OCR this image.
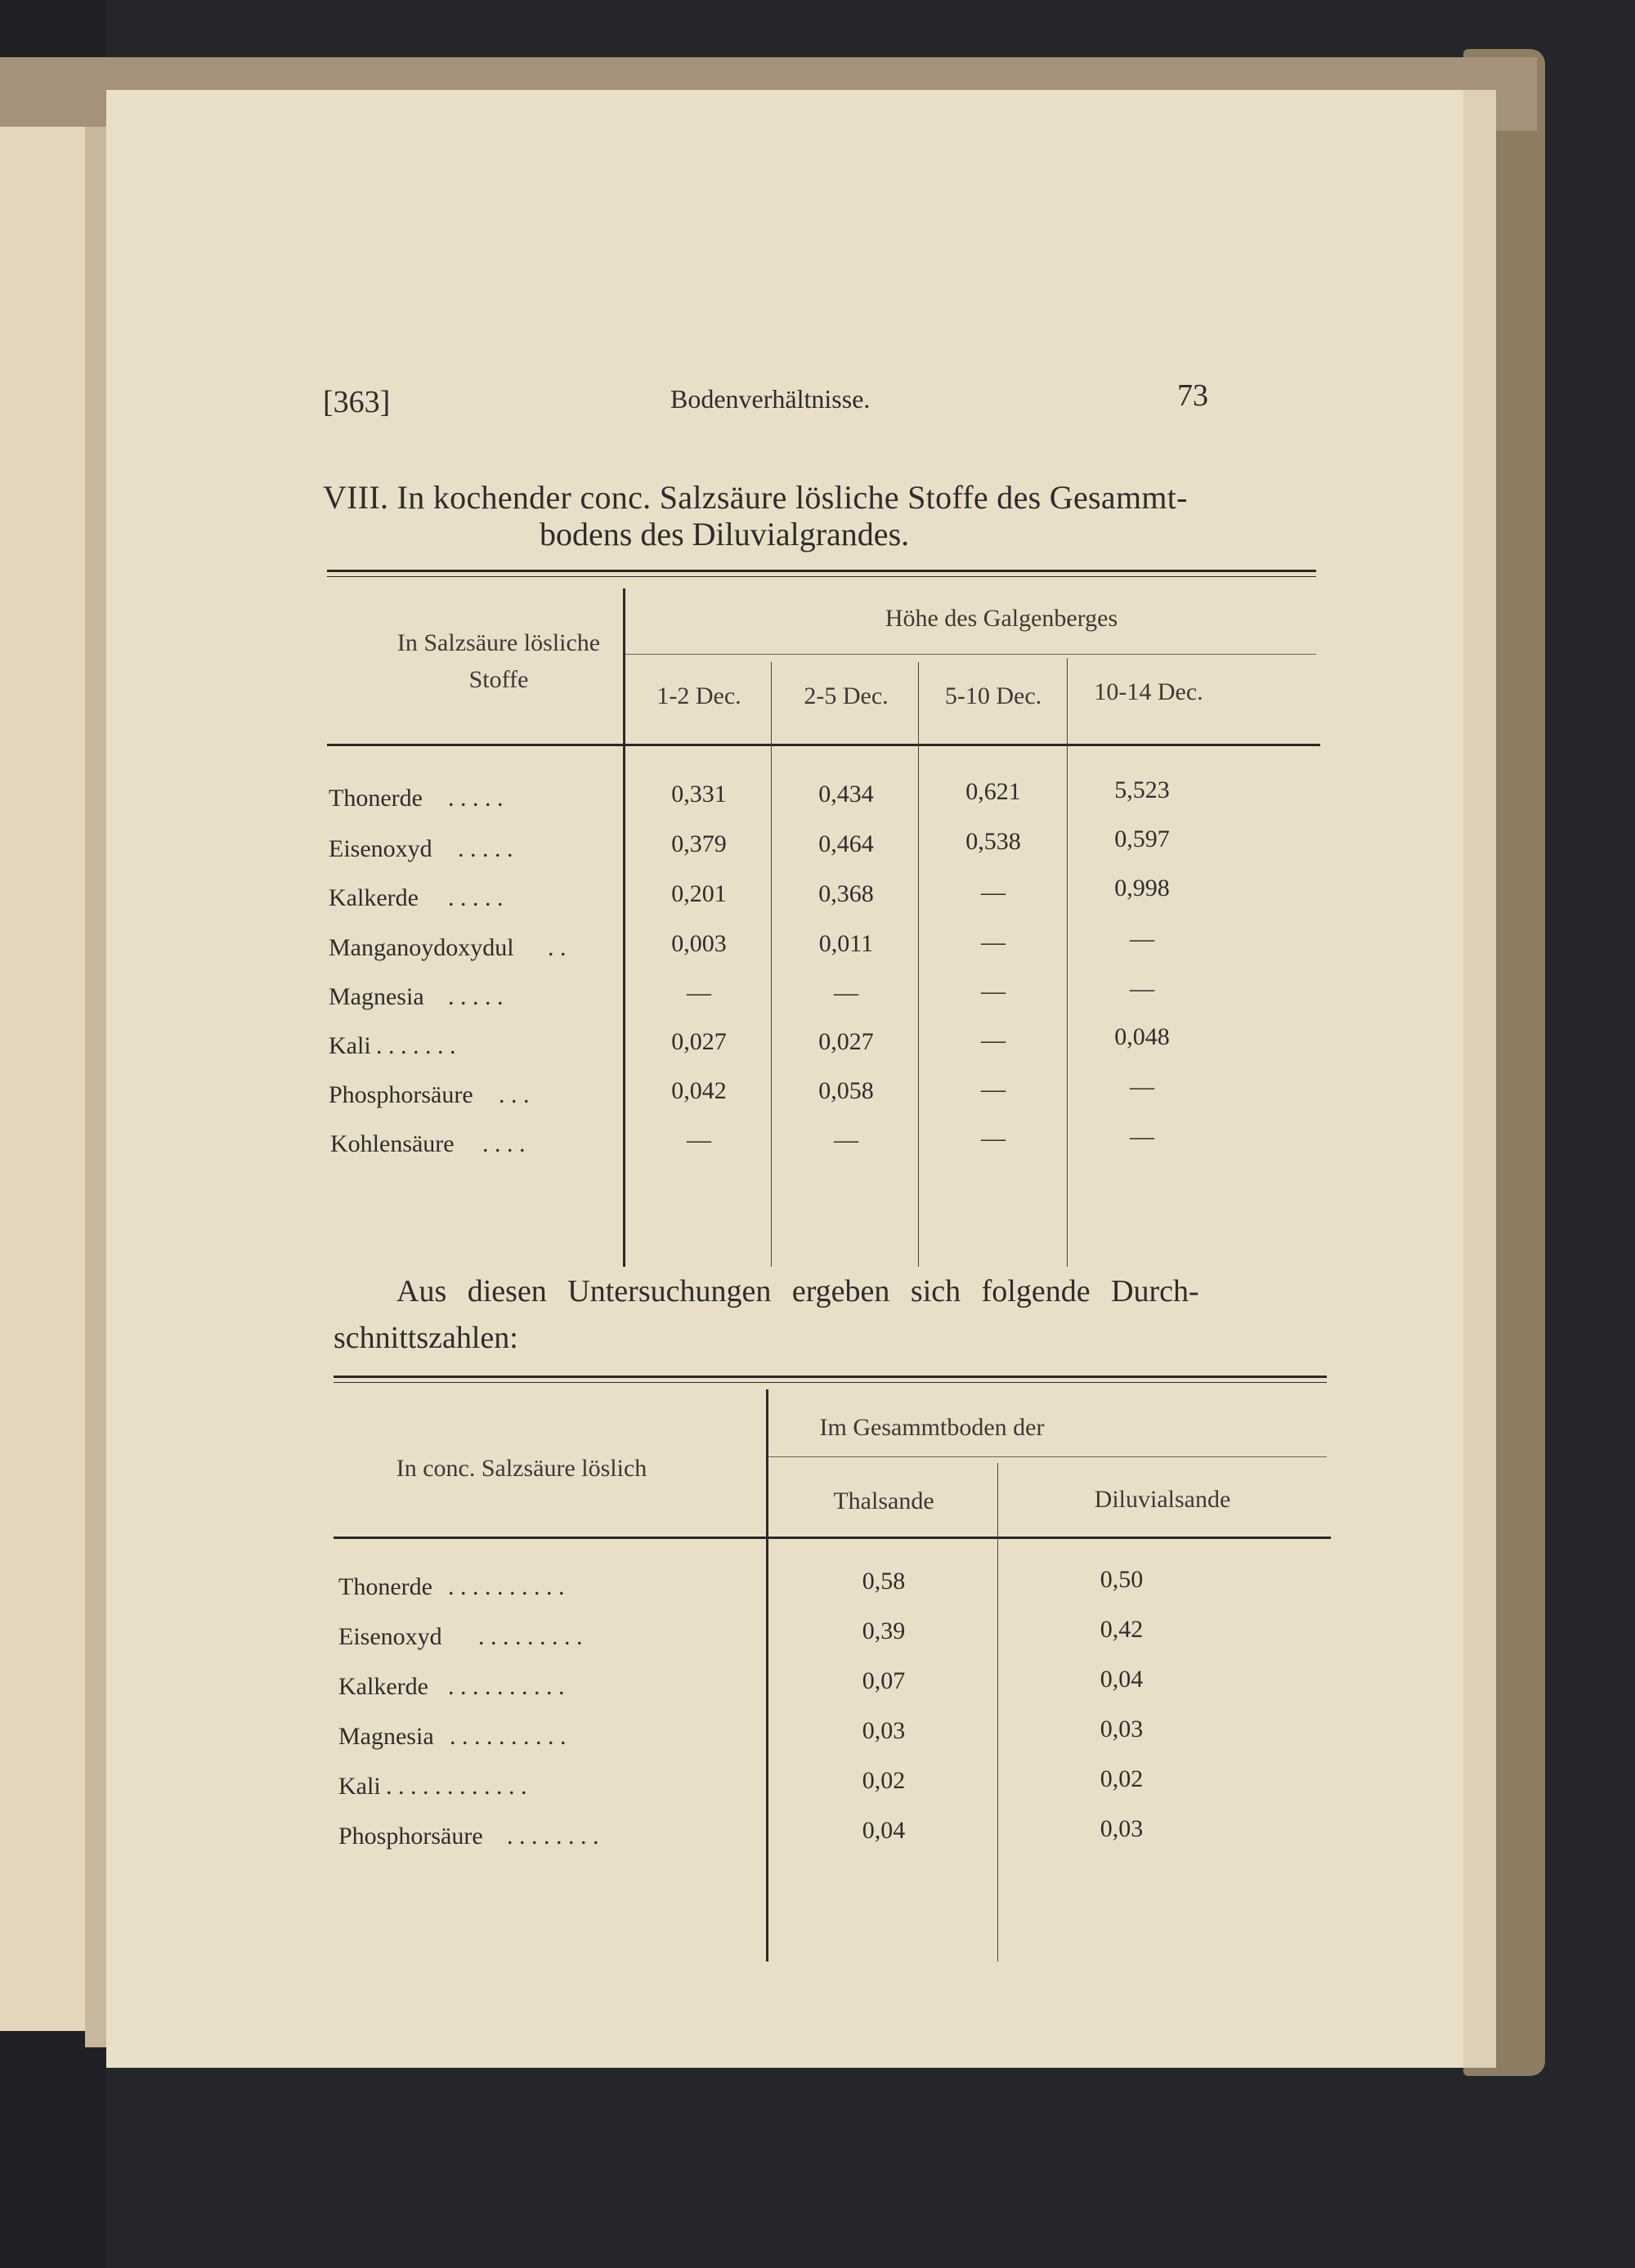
[363]	Bodenverhältnisse.	73
VIII. In kochender conc. Salzsäure lösliche Stoffe des Gesammt-
bodens des Diluvialgrandes.
In Salzsäure lösliche
Stoffe
Höhe des Galgenberges
1-2 Dec.	2-5 Dec.	5-10 Dec.	10-14 Dec.
Thonerde . . . . .	0,331	0,434	0,621	5,523
Eisenoxyd . . . . .	0,379	0,464	0,538	0,597
Kalkerde . . . . .	0,201	0,368	—	0,998
Manganoydoxydul . .	0,003	0,011	—	—
Magnesia . . . . .	—	—	—	—
Kali . . . . . . .	0,027	0,027	—	0,048
Phosphorsäure . . .	0,042	0,058	—	—
Kohlensäure . . . .	—	—	—	—
Aus diesen Untersuchungen ergeben sich folgende Durch-
schnittszahlen:
In conc. Salzsäure löslich
Im Gesammtboden der
Thalsande	Diluvialsande
Thonerde . . . . . . . . . .	0,58	0,50
Eisenoxyd . . . . . . . . .	0,39	0,42
Kalkerde . . . . . . . . . .	0,07	0,04
Magnesia . . . . . . . . . .	0,03	0,03
Kali . . . . . . . . . . . .	0,02	0,02
Phosphorsäure . . . . . . . .	0,04	0,03
